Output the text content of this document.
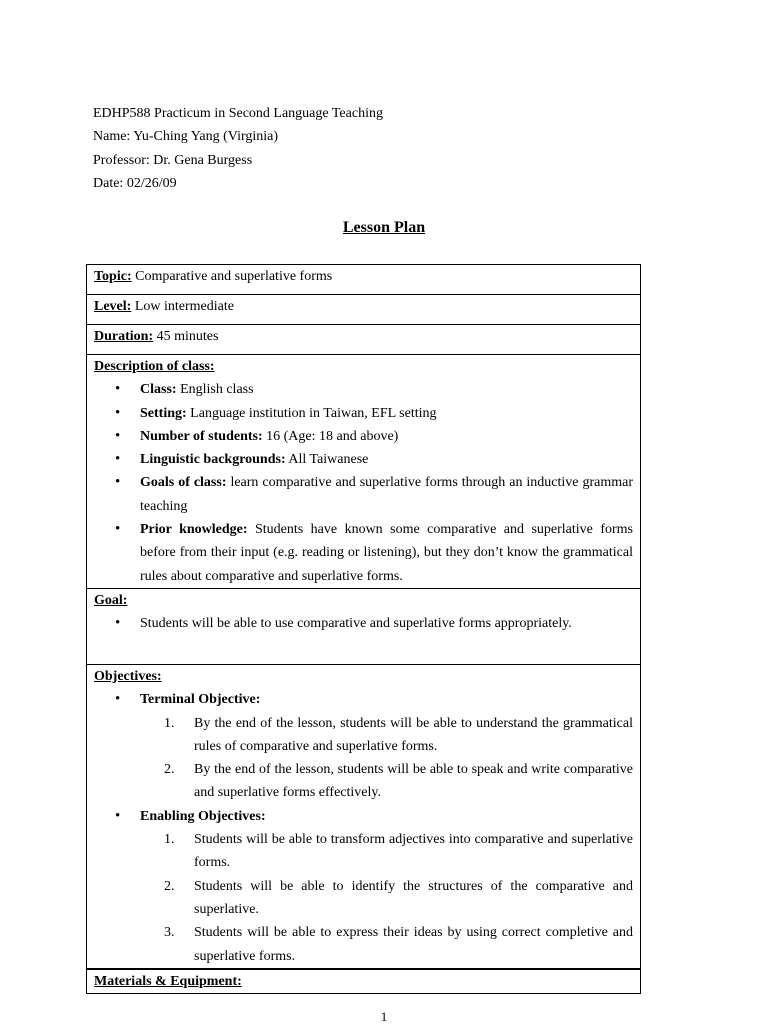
EDHP588 Practicum in Second Language Teaching
Name: Yu-Ching Yang (Virginia)
Professor: Dr. Gena Burgess
Date: 02/26/09
Lesson Plan
Topic: Comparative and superlative forms
Level: Low intermediate
Duration: 45 minutes

Description of class:
• Class: English class
• Setting: Language institution in Taiwan, EFL setting
• Number of students: 16 (Age: 18 and above)
• Linguistic backgrounds: All Taiwanese
• Goals of class: learn comparative and superlative forms through an inductive grammar teaching
• Prior knowledge: Students have known some comparative and superlative forms before from their input (e.g. reading or listening), but they don’t know the grammatical rules about comparative and superlative forms.

Goal:
• Students will be able to use comparative and superlative forms appropriately.

Objectives:
• Terminal Objective:
1. By the end of the lesson, students will be able to understand the grammatical rules of comparative and superlative forms.
2. By the end of the lesson, students will be able to speak and write comparative and superlative forms effectively.
• Enabling Objectives:
1. Students will be able to transform adjectives into comparative and superlative forms.
2. Students will be able to identify the structures of the comparative and superlative.
3. Students will be able to express their ideas by using correct completive and superlative forms.

Materials & Equipment:
1
